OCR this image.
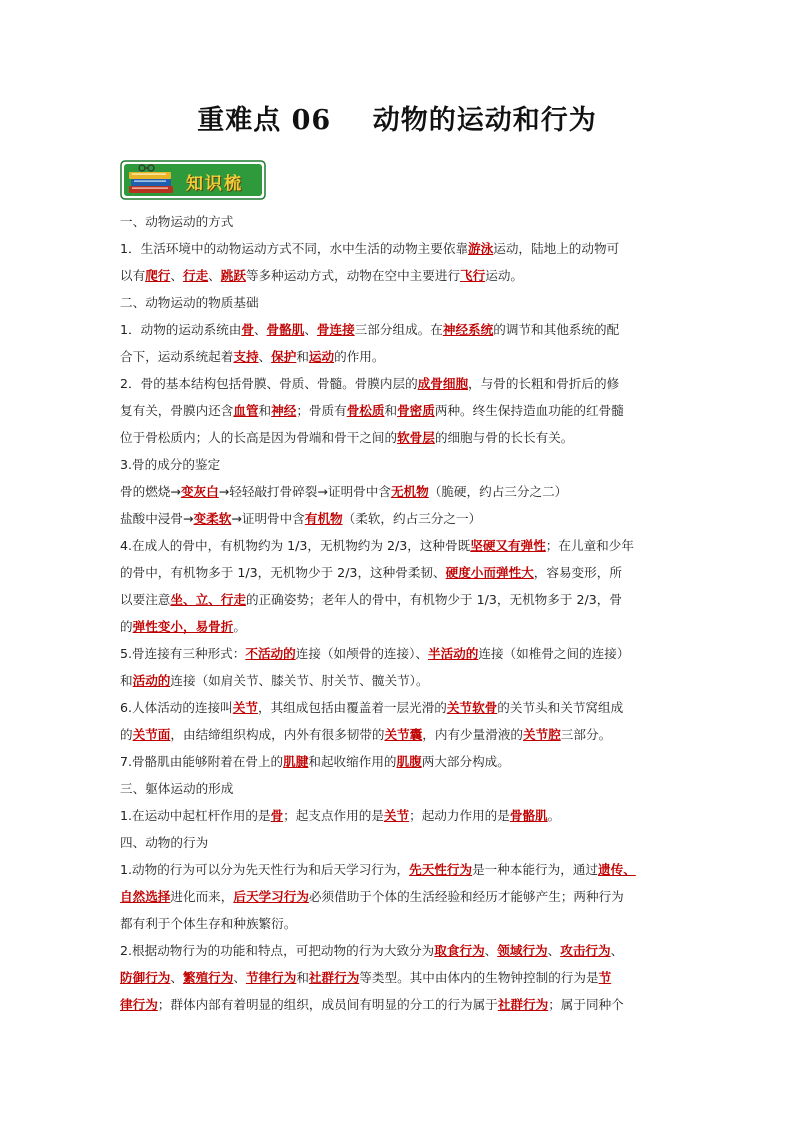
重难点 06    动物的运动和行为
知识梳
一、动物运动的方式
1．生活环境中的动物运动方式不同，水中生活的动物主要依靠游泳运动，陆地上的动物可
以有爬行、行走、跳跃等多种运动方式，动物在空中主要进行飞行运动。
二、动物运动的物质基础
1．动物的运动系统由骨、骨骼肌、骨连接三部分组成。在神经系统的调节和其他系统的配
合下，运动系统起着支持、保护和运动的作用。
2．骨的基本结构包括骨膜、骨质、骨髓。骨膜内层的成骨细胞，与骨的长粗和骨折后的修
复有关，骨膜内还含血管和神经；骨质有骨松质和骨密质两种。终生保持造血功能的红骨髓
位于骨松质内；人的长高是因为骨端和骨干之间的软骨层的细胞与骨的长长有关。
3.骨的成分的鉴定
骨的燃烧→变灰白→轻轻敲打骨碎裂→证明骨中含无机物（脆硬，约占三分之二）
盐酸中浸骨→变柔软→证明骨中含有机物（柔软，约占三分之一）
4.在成人的骨中，有机物约为 1/3，无机物约为 2/3，这种骨既坚硬又有弹性；在儿童和少年
的骨中，有机物多于 1/3，无机物少于 2/3，这种骨柔韧、硬度小而弹性大，容易变形，所
以要注意坐、立、行走的正确姿势；老年人的骨中，有机物少于 1/3，无机物多于 2/3，骨
的弹性变小，易骨折。
5.骨连接有三种形式：不活动的连接（如颅骨的连接）、半活动的连接（如椎骨之间的连接）
和活动的连接（如肩关节、膝关节、肘关节、髋关节）。
6.人体活动的连接叫关节，其组成包括由覆盖着一层光滑的关节软骨的关节头和关节窝组成
的关节面，由结缔组织构成，内外有很多韧带的关节囊，内有少量滑液的关节腔三部分。
7.骨骼肌由能够附着在骨上的肌腱和起收缩作用的肌腹两大部分构成。
三、躯体运动的形成
1.在运动中起杠杆作用的是骨；起支点作用的是关节；起动力作用的是骨骼肌。
四、动物的行为
1.动物的行为可以分为先天性行为和后天学习行为，先天性行为是一种本能行为，通过遗传、
自然选择进化而来，后天学习行为必须借助于个体的生活经验和经历才能够产生；两种行为
都有利于个体生存和种族繁衍。
2.根据动物行为的功能和特点，可把动物的行为大致分为取食行为、领域行为、攻击行为、
防御行为、繁殖行为、节律行为和社群行为等类型。其中由体内的生物钟控制的行为是节
律行为；群体内部有着明显的组织，成员间有明显的分工的行为属于社群行为；属于同种个
